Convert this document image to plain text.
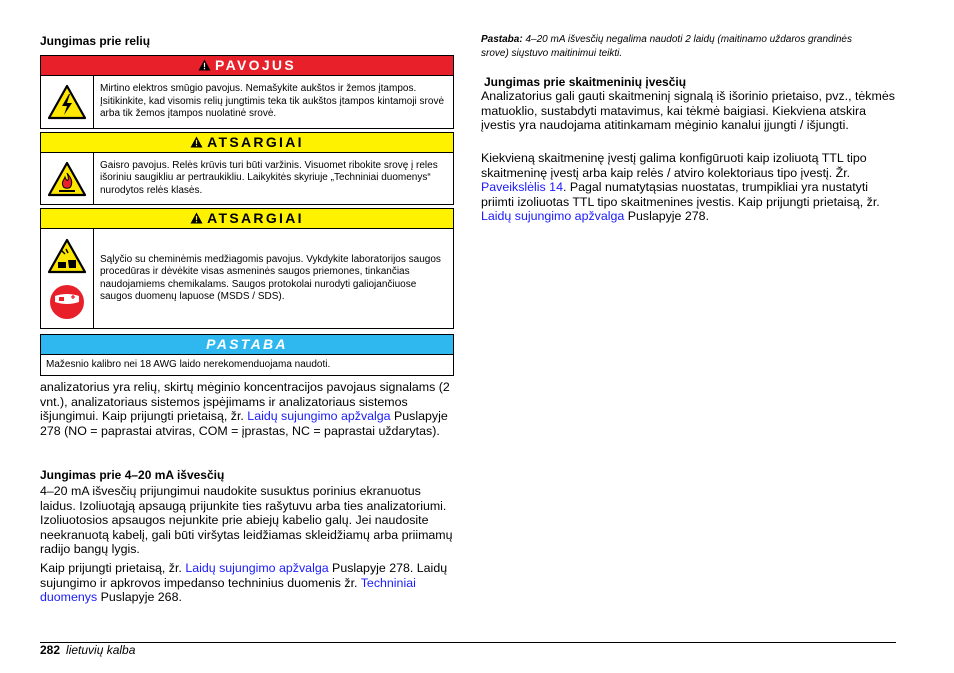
Jungimas prie relių
PAVOJUS
Mirtino elektros smūgio pavojus. Nemašykite aukštos ir žemos įtampos. Įsitikinkite, kad visomis relių jungtimis teka tik aukštos įtampos kintamoji srovė arba tik žemos įtampos nuolatinė srovė.
ATSARGIAI
Gaisro pavojus. Relės krūvis turi būti varžinis. Visuomet ribokite srovę į reles išoriniu saugikliu ar pertraukikliu. Laikykitės skyriuje „Techniniai duomenys“ nurodytos relės klasės.
ATSARGIAI
Sąlyčio su cheminėmis medžiagomis pavojus. Vykdykite laboratorijos saugos procedūras ir dėvėkite visas asmeninės saugos priemones, tinkančias naudojamiems chemikalams. Saugos protokolai nurodyti galiojančiuose saugos duomenų lapuose (MSDS / SDS).
PASTABA
Mažesnio kalibro nei 18 AWG laido nerekomenduojama naudoti.

analizatorius yra relių, skirtų mėginio koncentracijos pavojaus signalams (2 vnt.), analizatoriaus sistemos įspėjimams ir analizatoriaus sistemos išjungimui. Kaip prijungti prietaisą, žr. Laidų sujungimo apžvalga Puslapyje 278 (NO = paprastai atviras, COM = įprastas, NC = paprastai uždarytas).

Jungimas prie 4–20 mA išvesčių

4–20 mA išvesčių prijungimui naudokite susuktus porinius ekranuotus laidus. Izoliuotąją apsaugą prijunkite ties rašytuvu arba ties analizatoriumi. Izoliuotosios apsaugos nejunkite prie abiejų kabelio galų. Jei naudosite neekranuotą kabelį, gali būti viršytas leidžiamas skleidžiamų arba priimamų radijo bangų lygis.

Kaip prijungti prietaisą, žr. Laidų sujungimo apžvalga Puslapyje 278. Laidų sujungimo ir apkrovos impedanso techninius duomenis žr. Techniniai duomenys Puslapyje 268.

Pastaba: 4–20 mA išvesčių negalima naudoti 2 laidų (maitinamo uždaros grandinės srove) siųstuvo maitinimui teikti.
Jungimas prie skaitmeninių įvesčių

Analizatorius gali gauti skaitmeninį signalą iš išorinio prietaiso, pvz., tėkmės matuoklio, sustabdyti matavimus, kai tėkmė baigiasi. Kiekviena atskira įvestis yra naudojama atitinkamam mėginio kanalui įjungti / išjungti.

Kiekvieną skaitmeninę įvestį galima konfigūruoti kaip izoliuotą TTL tipo skaitmeninę įvestį arba kaip relės / atviro kolektoriaus tipo įvestį. Žr. Paveikslėlis 14. Pagal numatytąsias nuostatas, trumpikliai yra nustatyti priimti izoliuotas TTL tipo skaitmenines įvestis. Kaip prijungti prietaisą, žr. Laidų sujungimo apžvalga Puslapyje 278.

282 lietuvių kalba
